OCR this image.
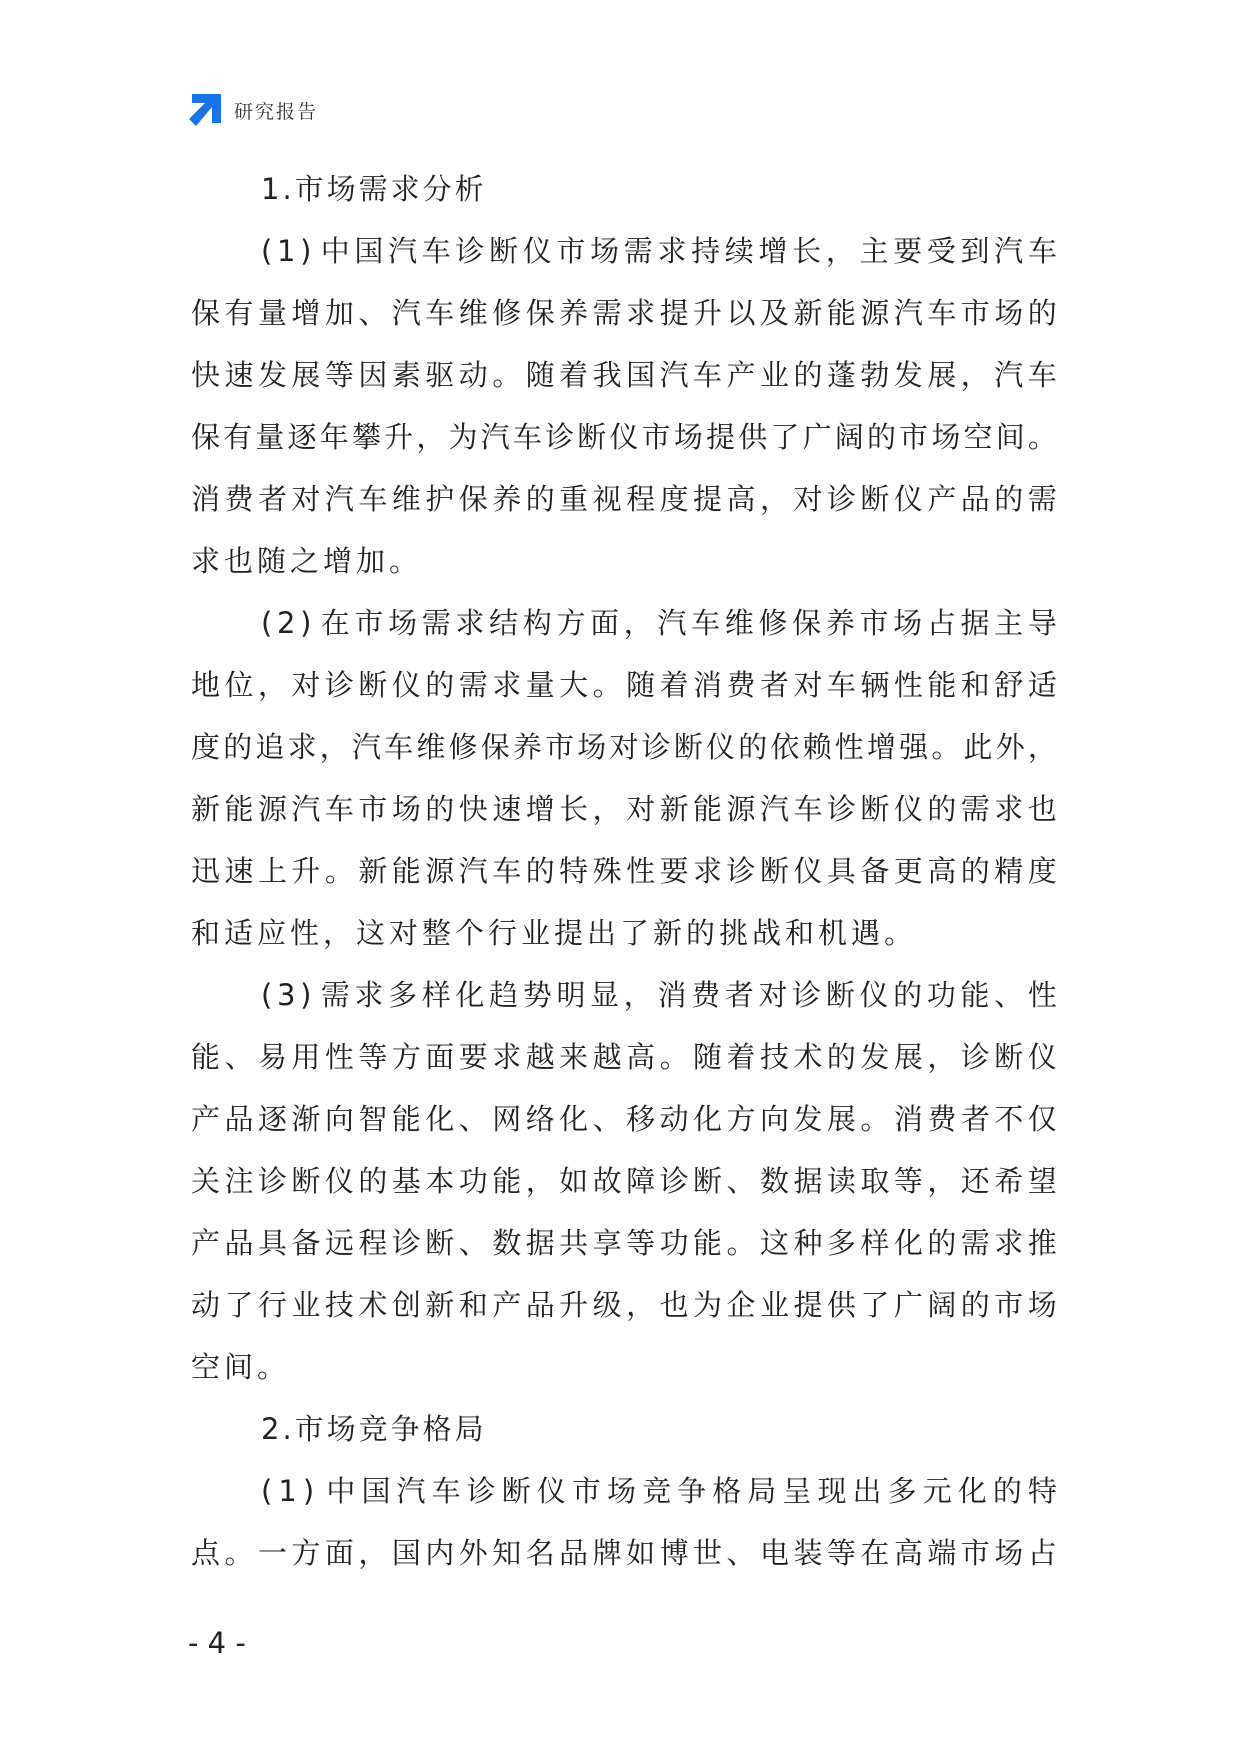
研究报告
1.市场需求分析
( 1 ) 中 国 汽 车 诊 断 仪 市 场 需 求 持 续 增 长 ， 主 要 受 到 汽 车
保 有 量 增 加 、 汽 车 维 修 保 养 需 求 提 升 以 及 新 能 源 汽 车 市 场 的
快 速 发 展 等 因 素 驱 动 。 随 着 我 国 汽 车 产 业 的 蓬 勃 发 展 ， 汽 车
保 有 量 逐 年 攀 升 ， 为 汽 车 诊 断 仪 市 场 提 供 了 广 阔 的 市 场 空 间 。
消 费 者 对 汽 车 维 护 保 养 的 重 视 程 度 提 高 ， 对 诊 断 仪 产 品 的 需
求也随之增加。
( 2 ) 在 市 场 需 求 结 构 方 面 ， 汽 车 维 修 保 养 市 场 占 据 主 导
地 位 ， 对 诊 断 仪 的 需 求 量 大 。 随 着 消 费 者 对 车 辆 性 能 和 舒 适
度 的 追 求 ， 汽 车 维 修 保 养 市 场 对 诊 断 仪 的 依 赖 性 增 强 。 此 外 ，
新 能 源 汽 车 市 场 的 快 速 增 长 ， 对 新 能 源 汽 车 诊 断 仪 的 需 求 也
迅 速 上 升 。 新 能 源 汽 车 的 特 殊 性 要 求 诊 断 仪 具 备 更 高 的 精 度
和适应性，这对整个行业提出了新的挑战和机遇。
( 3 ) 需 求 多 样 化 趋 势 明 显 ， 消 费 者 对 诊 断 仪 的 功 能 、 性
能 、 易 用 性 等 方 面 要 求 越 来 越 高 。 随 着 技 术 的 发 展 ， 诊 断 仪
产 品 逐 渐 向 智 能 化 、 网 络 化 、 移 动 化 方 向 发 展 。 消 费 者 不 仅
关 注 诊 断 仪 的 基 本 功 能 ， 如 故 障 诊 断 、 数 据 读 取 等 ， 还 希 望
产 品 具 备 远 程 诊 断 、 数 据 共 享 等 功 能 。 这 种 多 样 化 的 需 求 推
动 了 行 业 技 术 创 新 和 产 品 升 级 ， 也 为 企 业 提 供 了 广 阔 的 市 场
空间。
2.市场竞争格局
( 1 ) 中 国 汽 车 诊 断 仪 市 场 竞 争 格 局 呈 现 出 多 元 化 的 特
点 。 一 方 面 ， 国 内 外 知 名 品 牌 如 博 世 、 电 装 等 在 高 端 市 场 占
- 4 -
